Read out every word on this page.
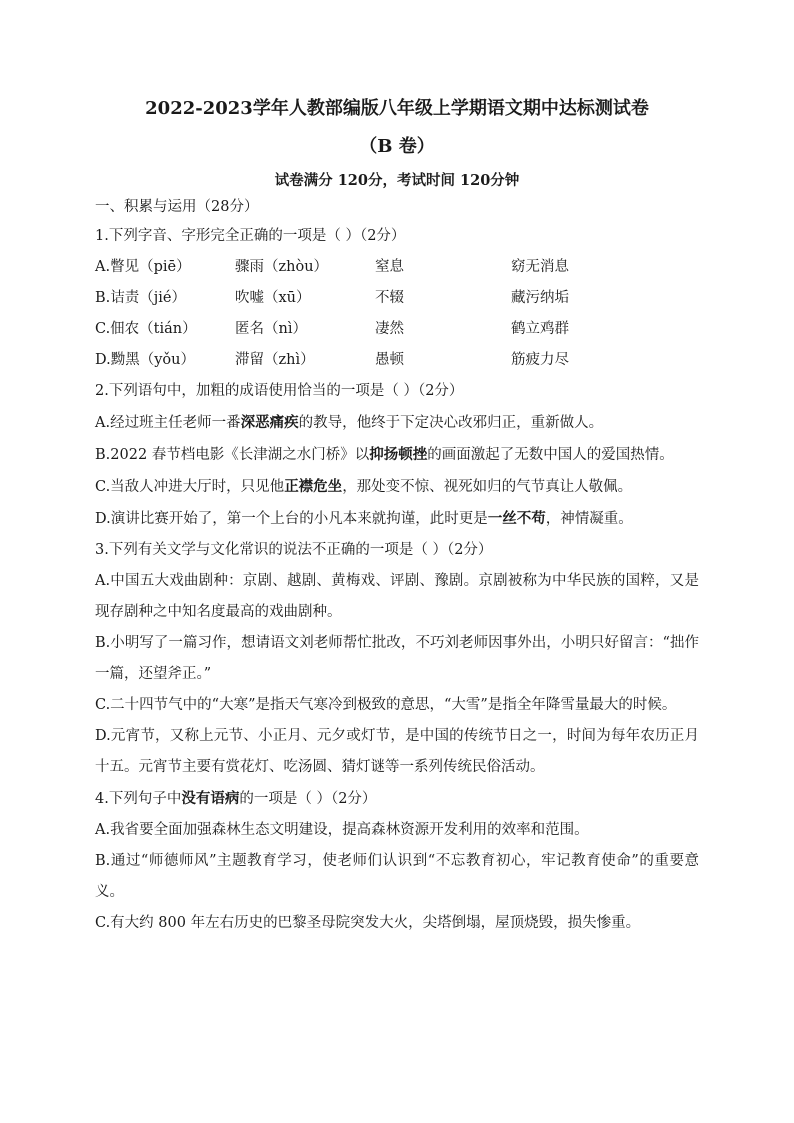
2022-2023学年人教部编版八年级上学期语文期中达标测试卷
（B 卷）
试卷满分 120分，考试时间 120分钟
一、积累与运用（28分）
1.下列字音、字形完全正确的一项是（ ）（2分）
A.瞥见（piē）	骤雨（zhòu）	窒息	窈无消息
B.诘责（jié）	吹嘘（xū）	不辍	藏污纳垢
C.佃农（tián）	匿名（nì）	凄然	鹤立鸡群
D.黝黑（yǒu）	滞留（zhì）	愚顿	筋疲力尽
2.下列语句中，加粗的成语使用恰当的一项是（ ）（2分）
A.经过班主任老师一番深恶痛疾的教导，他终于下定决心改邪归正，重新做人。
B.2022 春节档电影《长津湖之水门桥》以抑扬顿挫的画面激起了无数中国人的爱国热情。
C.当敌人冲进大厅时，只见他正襟危坐，那处变不惊、视死如归的气节真让人敬佩。
D.演讲比赛开始了，第一个上台的小凡本来就拘谨，此时更是一丝不苟，神情凝重。
3.下列有关文学与文化常识的说法不正确的一项是（ ）（2分）
A.中国五大戏曲剧种：京剧、越剧、黄梅戏、评剧、豫剧。京剧被称为中华民族的国粹，又是现存剧种之中知名度最高的戏曲剧种。
B.小明写了一篇习作，想请语文刘老师帮忙批改，不巧刘老师因事外出，小明只好留言：“拙作一篇，还望斧正。”
C.二十四节气中的“大寒”是指天气寒冷到极致的意思，“大雪”是指全年降雪量最大的时候。
D.元宵节，又称上元节、小正月、元夕或灯节，是中国的传统节日之一，时间为每年农历正月十五。元宵节主要有赏花灯、吃汤圆、猜灯谜等一系列传统民俗活动。
4.下列句子中没有语病的一项是（ ）（2分）
A.我省要全面加强森林生态文明建设，提高森林资源开发利用的效率和范围。
B.通过“师德师风”主题教育学习，使老师们认识到“不忘教育初心，牢记教育使命”的重要意义。
C.有大约 800 年左右历史的巴黎圣母院突发大火，尖塔倒塌，屋顶烧毁，损失惨重。
